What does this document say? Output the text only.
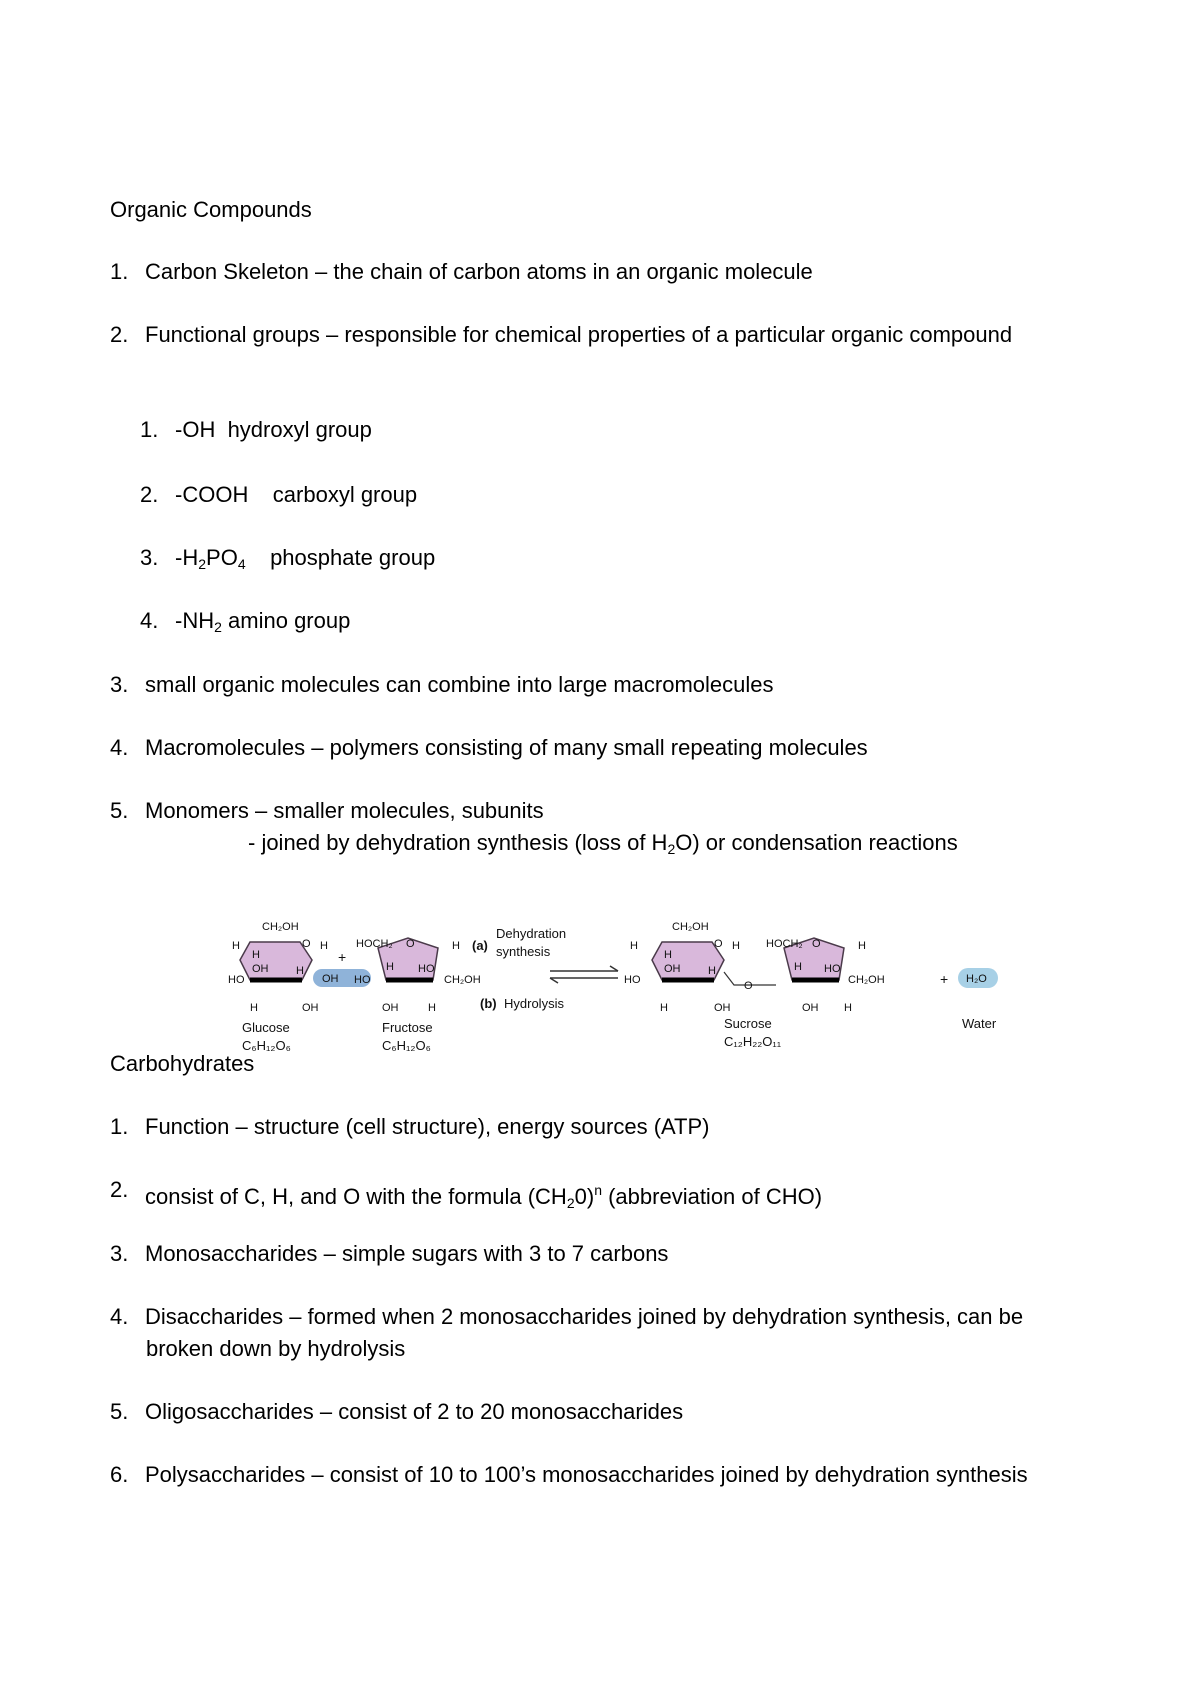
Organic Compounds
1. Carbon Skeleton – the chain of carbon atoms in an organic molecule
2. Functional groups – responsible for chemical properties of a particular organic compound
1. -OH hydroxyl group
2. -COOH carboxyl group
3. $-H_2PO_4$ phosphate group
4. $-NH_2$ amino group
3. small organic molecules can combine into large macromolecules
4. Macromolecules – polymers consisting of many small repeating molecules
5. Monomers – smaller molecules, subunits
- joined by dehydration synthesis (loss of $H_2O$) or condensation reactions
CH₂OH
H	O H
H
OH	H
HO	OH
H	OH
+
HOCH₂ O	H
H
HO
HO
CH₂OH
OH	H
Glucose
C₆H₁₂O₆
Fructose
C₆H₁₂O₆
(a)
Dehydration
synthesis
(b) Hydrolysis
CH₂OH
H	O H
H
OH	H
HO	O
H	OH
HOCH₂ O	H
H HO
CH₂OH
OH H
+ H₂O
Sucrose
C₁₂H₂₂O₁₁
Water
Carbohydrates
1. Function – structure (cell structure), energy sources (ATP)
2. consist of C, H, and O with the formula $(CH_20)^n$ (abbreviation of CHO)
3. Monosaccharides – simple sugars with 3 to 7 carbons
4. Disaccharides – formed when 2 monosaccharides joined by dehydration synthesis, can be
broken down by hydrolysis
5. Oligosaccharides – consist of 2 to 20 monosaccharides
6. Polysaccharides – consist of 10 to 100’s monosaccharides joined by dehydration synthesis
